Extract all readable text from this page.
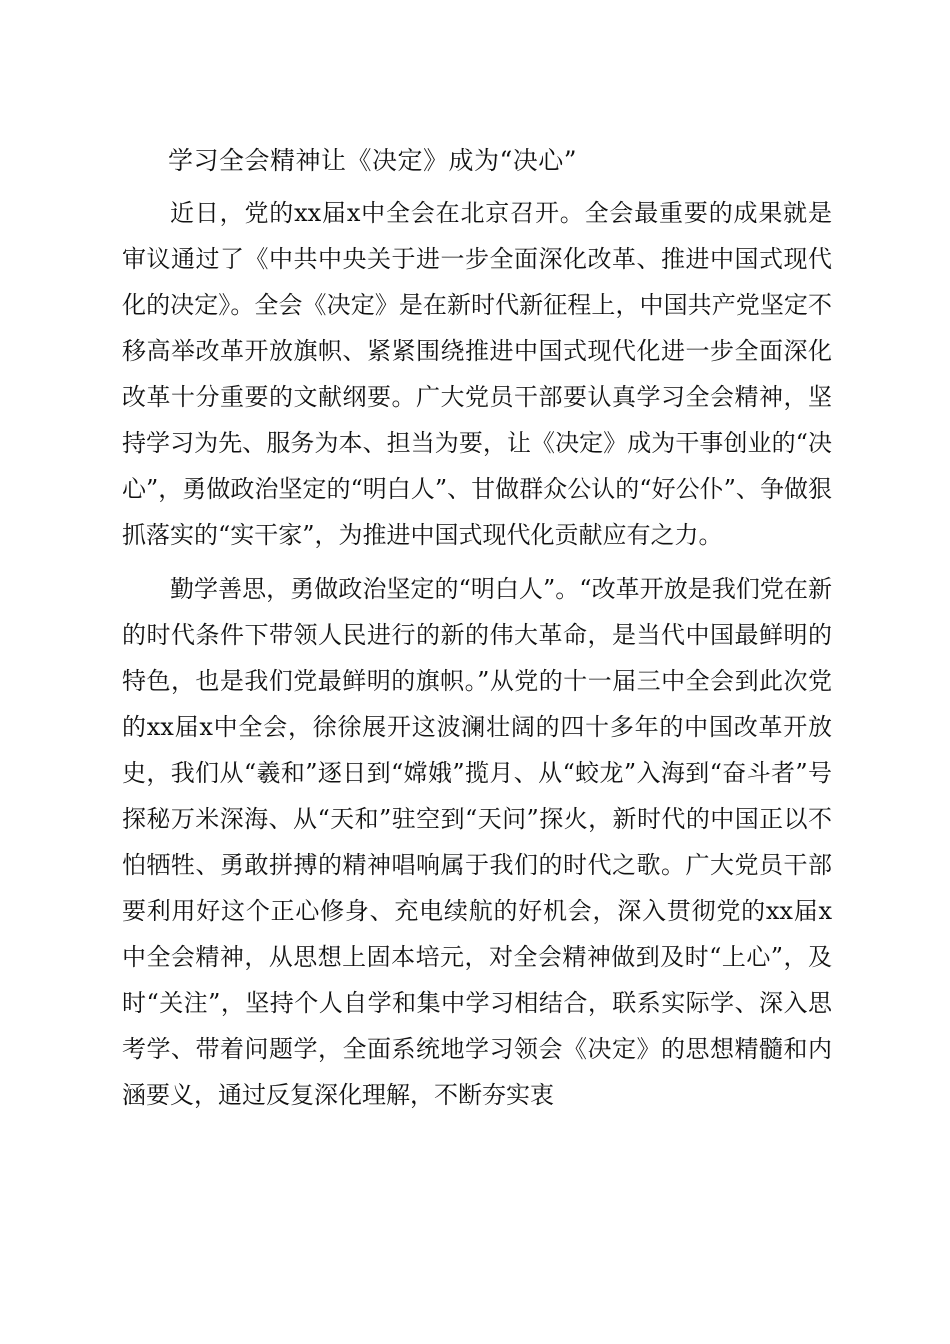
学习全会精神让《决定》成为“决心”

近日，党的xx届x中全会在北京召开。全会最重要的成果就是审议通过了《中共中央关于进一步全面深化改革、推进中国式现代化的决定》。全会《决定》是在新时代新征程上，中国共产党坚定不移高举改革开放旗帜、紧紧围绕推进中国式现代化进一步全面深化改革十分重要的文献纲要。广大党员干部要认真学习全会精神，坚持学习为先、服务为本、担当为要，让《决定》成为干事创业的“决心”，勇做政治坚定的“明白人”、甘做群众公认的“好公仆”、争做狠抓落实的“实干家”，为推进中国式现代化贡献应有之力。

勤学善思，勇做政治坚定的“明白人”。“改革开放是我们党在新的时代条件下带领人民进行的新的伟大革命，是当代中国最鲜明的特色，也是我们党最鲜明的旗帜。”从党的十一届三中全会到此次党的xx届x中全会，徐徐展开这波澜壮阔的四十多年的中国改革开放史，我们从“羲和”逐日到“嫦娥”揽月、从“蛟龙”入海到“奋斗者”号探秘万米深海、从“天和”驻空到“天问”探火，新时代的中国正以不怕牺牲、勇敢拼搏的精神唱响属于我们的时代之歌。广大党员干部要利用好这个正心修身、充电续航的好机会，深入贯彻党的xx届x中全会精神，从思想上固本培元，对全会精神做到及时“上心”，及时“关注”，坚持个人自学和集中学习相结合，联系实际学、深入思考学、带着问题学，全面系统地学习领会《决定》的思想精髓和内涵要义，通过反复深化理解，不断夯实衷
